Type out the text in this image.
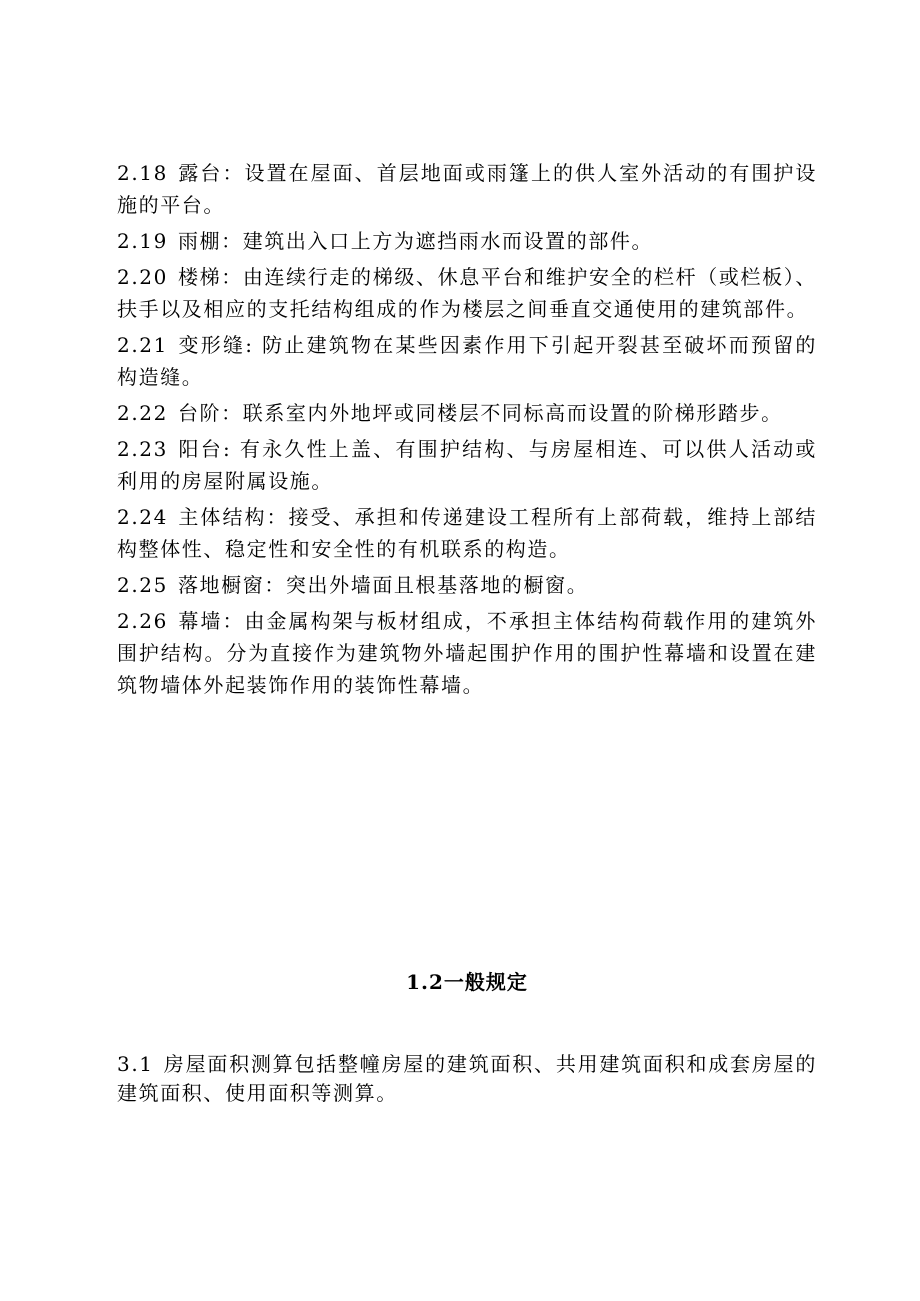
2.18 露台：设置在屋面、首层地面或雨篷上的供人室外活动的有围护设施的平台。

2.19 雨棚：建筑出入口上方为遮挡雨水而设置的部件。

2.20 楼梯：由连续行走的梯级、休息平台和维护安全的栏杆（或栏板）、扶手以及相应的支托结构组成的作为楼层之间垂直交通使用的建筑部件。

2.21 变形缝: 防止建筑物在某些因素作用下引起开裂甚至破坏而预留的构造缝。

2.22 台阶：联系室内外地坪或同楼层不同标高而设置的阶梯形踏步。

2.23 阳台: 有永久性上盖、有围护结构、与房屋相连、可以供人活动或利用的房屋附属设施。

2.24 主体结构：接受、承担和传递建设工程所有上部荷载，维持上部结构整体性、稳定性和安全性的有机联系的构造。

2.25 落地橱窗：突出外墙面且根基落地的橱窗。

2.26 幕墙：由金属构架与板材组成，不承担主体结构荷载作用的建筑外围护结构。分为直接作为建筑物外墙起围护作用的围护性幕墙和设置在建筑物墙体外起装饰作用的装饰性幕墙。

1.2一般规定

3.1 房屋面积测算包括整幢房屋的建筑面积、共用建筑面积和成套房屋的建筑面积、使用面积等测算。
